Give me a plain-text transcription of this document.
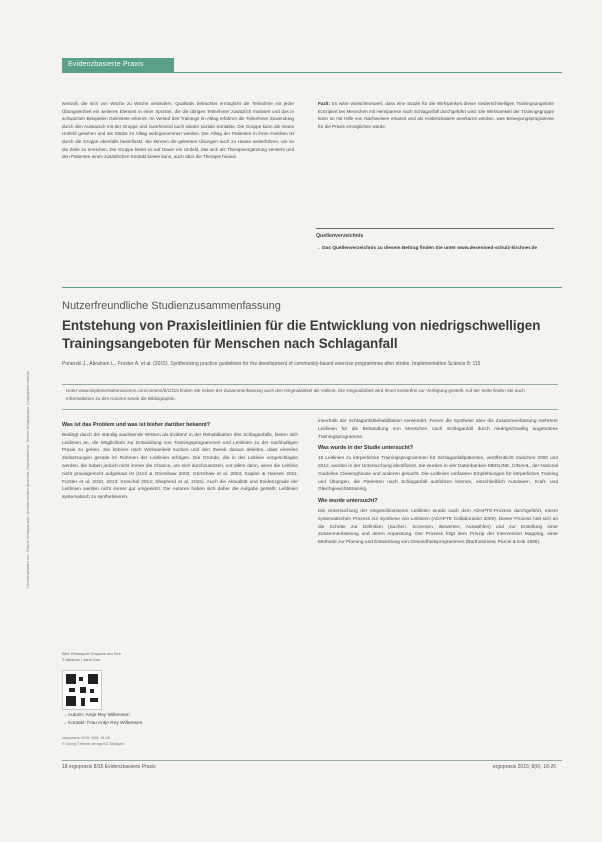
Evidenzbasierte Praxis
Heruntergeladen von: Thieme Verlagsgruppe. Urheberrechtlich geschützt. Downloaded by: Thieme Verlagsgruppe. Copyrighted material.
wertvoll, die sich von Woche zu Woche verändern. Qualitativ betrachtet ermöglicht die Teilnahme mit jeder Übungseinheit ein weiteres Element in einer Sportart, die die übrigen Teilnehmer zusätzlich motiviert und das in schwachen Beispielen Geleistete erkennt. Im Verlauf des Trainings im Alltag erfahren die Teilnehmer Zuwendung durch den Austausch mit der Gruppe und zunehmend auch wieder soziale Kontakte. Die Gruppe kann als neues Umfeld gesehen und als Stütze im Alltag wahrgenommen werden. Der Alltag der Patienten in ihren Familien ist durch die Gruppe ebenfalls beeinflusst. Sie können die gelernten Übungen auch zu Hause weiterführen, um so die Ziele zu erreichen. Die Gruppe bietet so auf Dauer ein Umfeld, das sich als Therapieergänzung versteht und den Patienten einen zusätzlichen Kontakt bieten kann, auch über die Therapie hinaus.
Fazit: Es wäre wünschenswert, dass eine Studie für die Wirksamkeit dieser niederschwelligen Trainingsangebote konzipiert bei Menschen mit Hemiparese nach Schlaganfall durchgeführt wird. Die Wirksamkeit der Trainingsgruppe kann so mit Hilfe von Nachweisen erkannt und als evidenzbasiert anerkannt werden, was Bewegungsprogramme für die Praxis ermöglichen würde.
Quellenverzeichnis
→ Das Quellenverzeichnis zu diesem Beitrag finden Sie unter www.desenioed-schulz-kirchner.de
Nutzerfreundliche Studienzusammenfassung
Entstehung von Praxisleitlinien für die Entwicklung von niedrigschwelligen Trainingsangeboten für Menschen nach Schlaganfall
Poranski J., Abraham L., Forster A. et al. (2015). Synthesizing practice guidelines for the development of community-based exercise programmes after stroke. Implementation Science 8: 115
Unter www.implementationscience.com/content/8/1/115 finden Sie neben der Zusammenfassung auch den Originalartikel als Volltext. Die Originalarbeit wird Ihnen kostenfrei zur Verfügung gestellt. Auf der Seite finden Sie auch Informationen zu den Autoren sowie die Bibliographie.
Was ist das Problem und was ist bisher darüber bekannt?
Bedingt durch die ständig wachsende Wissen als Evidenz in der Rehabilitation des Schlaganfalls, bieten sich Leitlinien an, die Möglichkeit zur Entwicklung von Trainingsprogrammen und Leitlinien zu der nachhaltigen Praxis zu geben. Sie können nach Wirksamkeit suchen und den Zweck daraus ableiten, dass einzelne Zielsetzungen gerade im Rahmen der Leitlinien erfolgen. Die Gründe, die in der Leitlinie vorgeschlagen werden, die haben jedoch nicht immer die Chance, um sich durchzusetzen, vor allem dann, wenn die Leitlinie nicht praxisgerecht aufgebaut ist (Grol & Grimshaw 2003; Grimshaw et al. 2004; Kaplan & Hansen 2011; Forster et al. 2010, 2013; Kroschel 2014; Shepherd et al. 2015). Auch die Aktualität und Evidenzgrade der Leitlinien werden nicht immer gut umgesetzt. Die Autoren haben sich daher die Aufgabe gestellt, Leitlinien systematisch zu synthetisieren.
innerhalb der Schlaganfallrehabilitation verwendet. Ferner die Synthese über die Zusammenfassung mehrerer Leitlinien für die Behandlung von Menschen nach Schlaganfall durch niedrigschwellig angebotene Trainingsprogramme.
Was wurde in der Studie untersucht?
15 Leitlinien zu körperlichen Trainingsprogrammen für Schlaganfallpatienten, veröffentlicht zwischen 2000 und 2012, wurden in der Untersuchung identifiziert. Sie wurden in vier Datenbanken MEDLINE, CINAHL, der National Guideline Clearinghouse und anderen gesucht. Die Leitlinien umfassen Empfehlungen für körperliches Training und Übungen, die Patienten nach Schlaganfall ausführen können, einschließlich Ausdauer-, Kraft- und Gleichgewichtstraining.
Wie wurde untersucht?
Die Untersuchung der eingeschlossenen Leitlinien wurde nach dem ADAPTE-Prozess durchgeführt, einem systematischen Prozess zur Synthese von Leitlinien (ADAPTE Collaboration 2009). Dieser Prozess hält sich an die Schritte zur Definition (Suchen, Screenen, Bewerten, Auswählen) und zur Erstellung einer Zusammenfassung und deren Anpassung. Der Prozess folgt dem Prinzip der Intervention Mapping, einer Methode zur Planung und Entwicklung von Gesundheitsprogrammen (Bartholomew, Parcel & Kok 1998).
Bild: Rehasport Gruppen am See
© Alliance / Jane Doe
→ Autorin: Antje Rey Willemsen
→ Kontakt: Frau Antje Rey Willemsen
ergopraxis 2015; 8(6): 18-26
© Georg Thieme Verlag KG Stuttgart
18 ergopraxis 8/15 Evidenzbasierte Praxis	ergopraxis 2015; 8(6): 18-26
